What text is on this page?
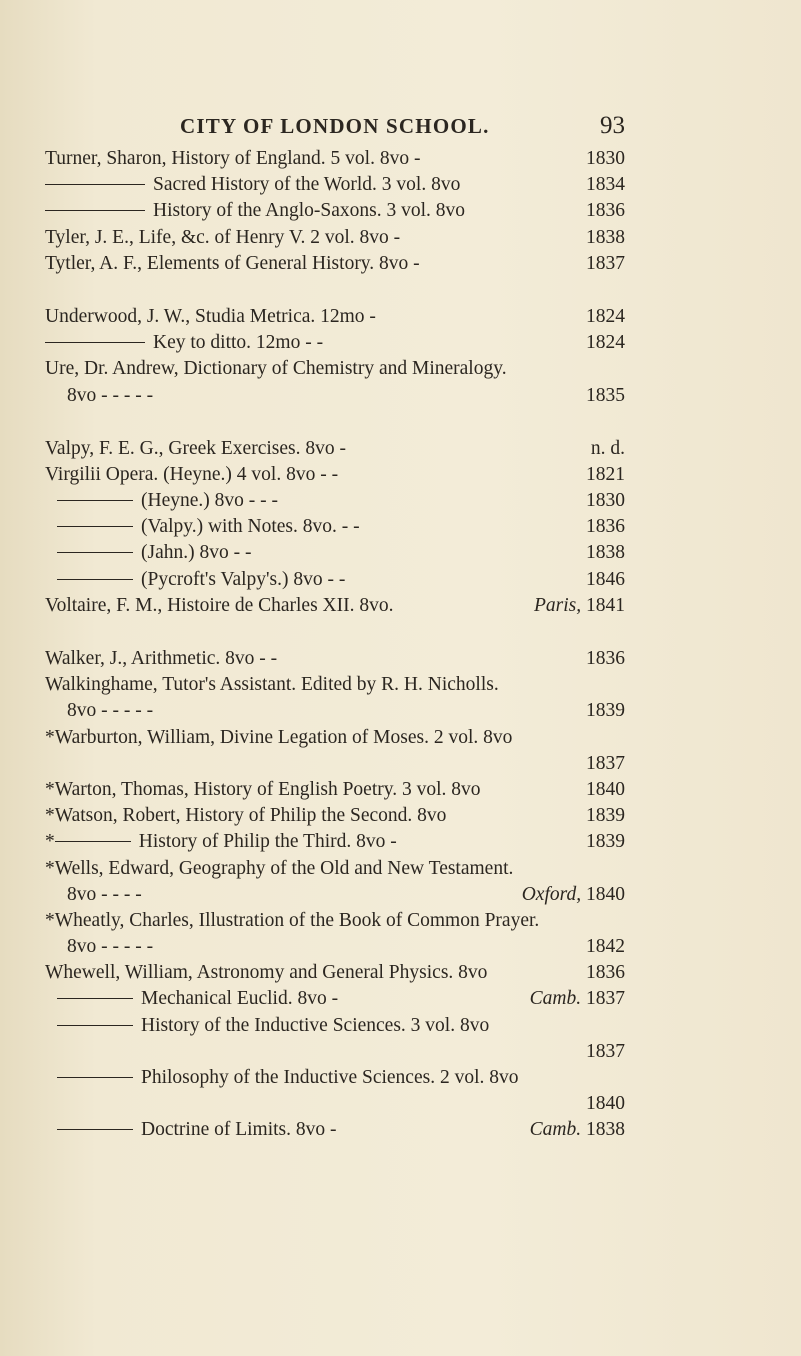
CITY OF LONDON SCHOOL.	93
Turner, Sharon, History of England. 5 vol. 8vo -	1830
Sacred History of the World. 3 vol. 8vo	1834
History of the Anglo-Saxons. 3 vol. 8vo	1836
Tyler, J. E., Life, &c. of Henry V. 2 vol. 8vo -	1838
Tytler, A. F., Elements of General History. 8vo -	1837
Underwood, J. W., Studia Metrica. 12mo -	1824
Key to ditto. 12mo - -	1824
Ure, Dr. Andrew, Dictionary of Chemistry and Mineralogy.
8vo - - - - -	1835
Valpy, F. E. G., Greek Exercises. 8vo -	n. d.
Virgilii Opera. (Heyne.) 4 vol. 8vo - -	1821
(Heyne.) 8vo - - -	1830
(Valpy.) with Notes. 8vo. - -	1836
(Jahn.) 8vo - -	1838
(Pycroft's Valpy's.) 8vo - -	1846
Voltaire, F. M., Histoire de Charles XII. 8vo.	Paris, 1841
Walker, J., Arithmetic. 8vo - -	1836
Walkinghame, Tutor's Assistant. Edited by R. H. Nicholls.
8vo - - - - -	1839
*Warburton, William, Divine Legation of Moses. 2 vol. 8vo
1837
*Warton, Thomas, History of English Poetry. 3 vol. 8vo	1840
*Watson, Robert, History of Philip the Second. 8vo	1839
*	History of Philip the Third. 8vo -	1839
*Wells, Edward, Geography of the Old and New Testament.
8vo - - - -	Oxford, 1840
*Wheatly, Charles, Illustration of the Book of Common Prayer.
8vo - - - - -	1842
Whewell, William, Astronomy and General Physics. 8vo	1836
Mechanical Euclid. 8vo -	Camb. 1837
History of the Inductive Sciences. 3 vol. 8vo
1837
Philosophy of the Inductive Sciences. 2 vol. 8vo
1840
Doctrine of Limits. 8vo -	Camb. 1838
